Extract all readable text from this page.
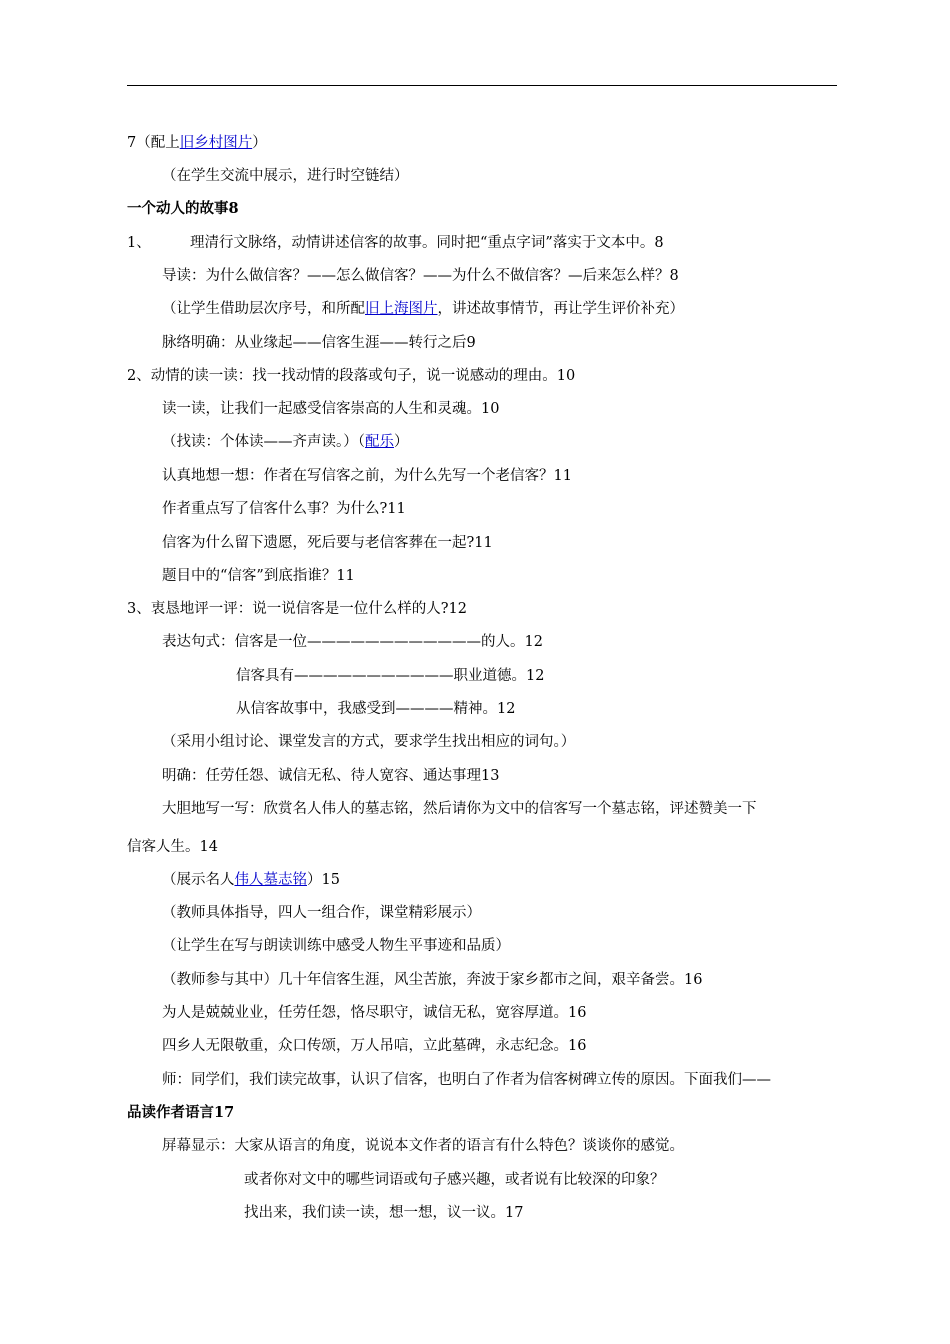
7（配上旧乡村图片）
（在学生交流中展示，进行时空链结）
一个动人的故事8
1、	理清行文脉络，动情讲述信客的故事。同时把“重点字词”落实于文本中。8
导读：为什么做信客？——怎么做信客？——为什么不做信客？—后来怎么样？8
（让学生借助层次序号，和所配旧上海图片，讲述故事情节，再让学生评价补充）
脉络明确：从业缘起——信客生涯——转行之后9
2、动情的读一读：找一找动情的段落或句子，说一说感动的理由。10
读一读，让我们一起感受信客崇高的人生和灵魂。10
（找读：个体读——齐声读。）（配乐）
认真地想一想：作者在写信客之前，为什么先写一个老信客？11
作者重点写了信客什么事？为什么?11
信客为什么留下遗愿，死后要与老信客葬在一起?11
题目中的“信客”到底指谁？11
3、衷恳地评一评：说一说信客是一位什么样的人?12
表达句式：信客是一位————————————的人。12
信客具有———————————职业道德。12
从信客故事中，我感受到————精神。12
（采用小组讨论、课堂发言的方式，要求学生找出相应的词句。）
明确：任劳任怨、诚信无私、待人宽容、通达事理13
大胆地写一写：欣赏名人伟人的墓志铭，然后请你为文中的信客写一个墓志铭，评述赞美一下
信客人生。14
（展示名人伟人墓志铭）15
（教师具体指导，四人一组合作，课堂精彩展示）
（让学生在写与朗读训练中感受人物生平事迹和品质）
（教师参与其中）几十年信客生涯，风尘苦旅，奔波于家乡都市之间，艰辛备尝。16
为人是兢兢业业，任劳任怨，恪尽职守，诚信无私，宽容厚道。16
四乡人无限敬重，众口传颂，万人吊唁，立此墓碑，永志纪念。16
师：同学们，我们读完故事，认识了信客，也明白了作者为信客树碑立传的原因。下面我们——
品读作者语言17
屏幕显示：大家从语言的角度，说说本文作者的语言有什么特色？谈谈你的感觉。
或者你对文中的哪些词语或句子感兴趣，或者说有比较深的印象？
找出来，我们读一读，想一想，议一议。17
